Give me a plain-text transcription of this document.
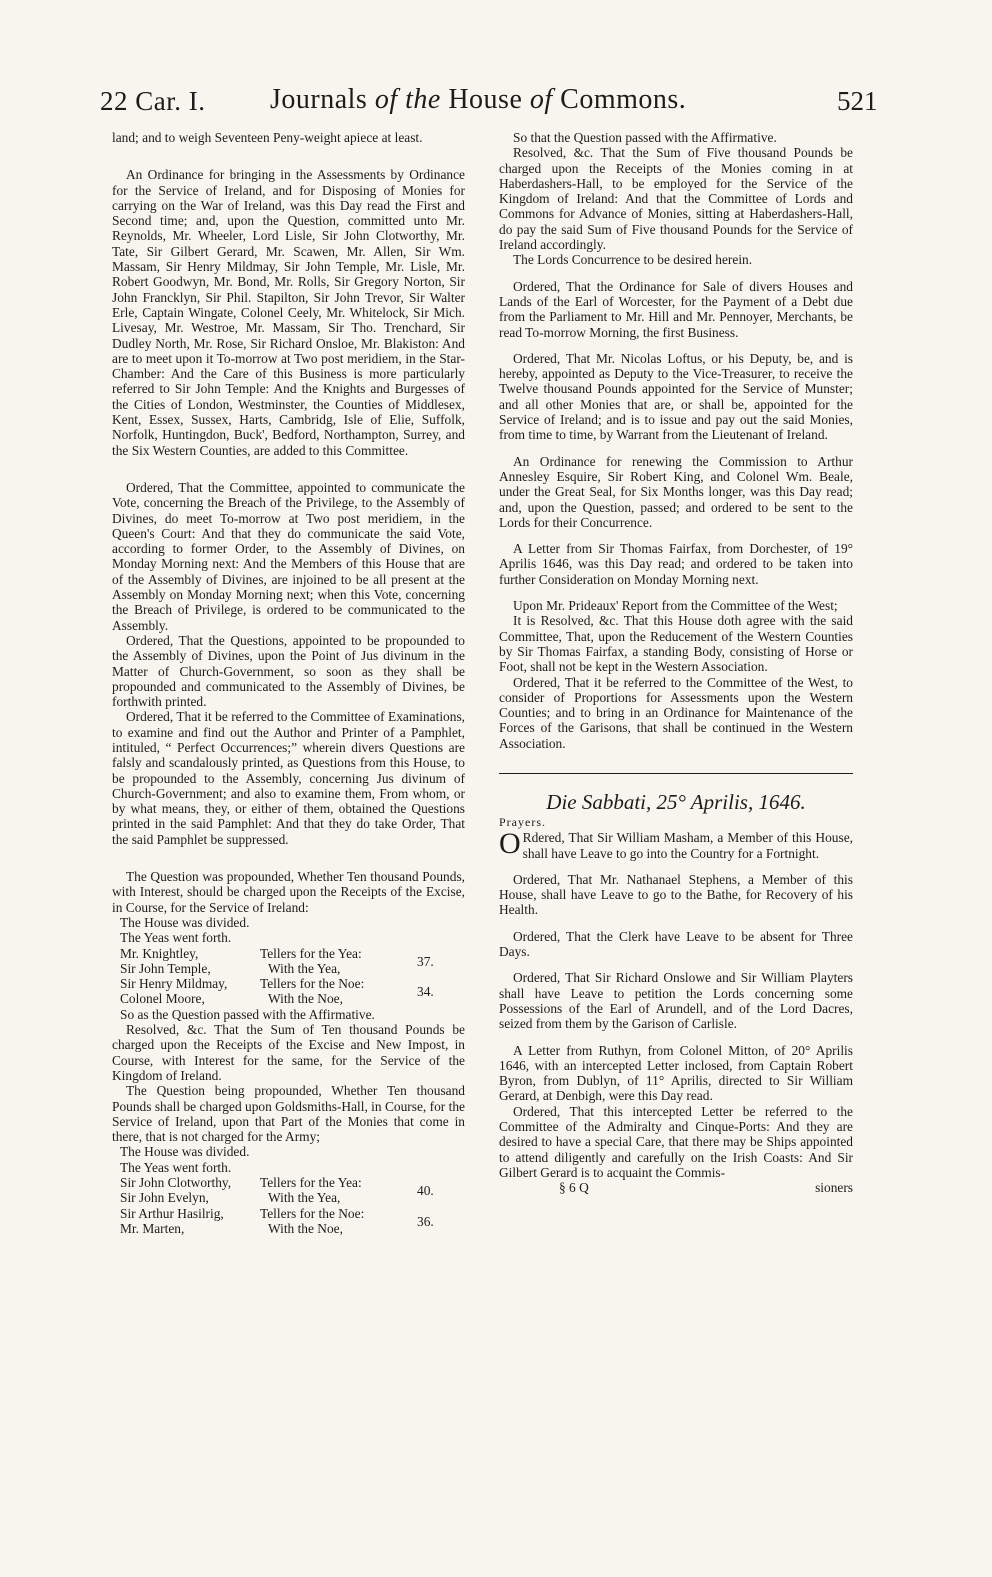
22 Car. I. Journals of the House of Commons.	521

land; and to weigh Seventeen Peny-weight apiece at least.

An Ordinance for bringing in the Assessments by Ordinance for the Service of Ireland, and for Disposing of Monies for carrying on the War of Ireland, was this Day read the First and Second time; and, upon the Question, committed unto Mr. Reynolds, Mr. Wheeler, Lord Lisle, Sir John Clotworthy, Mr. Tate, Sir Gilbert Gerard, Mr. Scawen, Mr. Allen, Sir Wm. Massam, Sir Henry Mildmay, Sir John Temple, Mr. Lisle, Mr. Robert Goodwyn, Mr. Bond, Mr. Rolls, Sir Gregory Norton, Sir John Francklyn, Sir Phil. Stapilton, Sir John Trevor, Sir Walter Erle, Captain Wingate, Colonel Ceely, Mr. Whitelock, Sir Mich. Livesay, Mr. Westroe, Mr. Massam, Sir Tho. Trenchard, Sir Dudley North, Mr. Rose, Sir Richard Onsloe, Mr. Blakiston: And are to meet upon it To-morrow at Two post meridiem, in the Star-Chamber: And the Care of this Business is more particularly referred to Sir John Temple: And the Knights and Burgesses of the Cities of London, Westminster, the Counties of Middlesex, Kent, Essex, Sussex, Harts, Cambridg, Isle of Elie, Suffolk, Norfolk, Huntingdon, Buck', Bedford, Northampton, Surrey, and the Six Western Counties, are added to this Committee.

Ordered, That the Committee, appointed to communicate the Vote, concerning the Breach of the Privilege, to the Assembly of Divines, do meet To-morrow at Two post meridiem, in the Queen's Court: And that they do communicate the said Vote, according to former Order, to the Assembly of Divines, on Monday Morning next: And the Members of this House that are of the Assembly of Divines, are injoined to be all present at the Assembly on Monday Morning next; when this Vote, concerning the Breach of Privilege, is ordered to be communicated to the Assembly.

Ordered, That the Questions, appointed to be propounded to the Assembly of Divines, upon the Point of Jus divinum in the Matter of Church-Government, so soon as they shall be propounded and communicated to the Assembly of Divines, be forthwith printed.

Ordered, That it be referred to the Committee of Examinations, to examine and find out the Author and Printer of a Pamphlet, intituled, “ Perfect Occurrences;” wherein divers Questions are falsly and scandalously printed, as Questions from this House, to be propounded to the Assembly, concerning Jus divinum of Church-Government; and also to examine them, From whom, or by what means, they, or either of them, obtained the Questions printed in the said Pamphlet: And that they do take Order, That the said Pamphlet be suppressed.

The Question was propounded, Whether Ten thousand Pounds, with Interest, should be charged upon the Receipts of the Excise, in Course, for the Service of Ireland:

The House was divided.

The Yeas went forth.

Mr. Knightley,	Tellers for the Yea:
Sir John Temple,	With the Yea,	37.
Sir Henry Mildmay, Tellers for the Noe:
Colonel Moore,	With the Noe,	34.

So as the Question passed with the Affirmative.

Resolved, &c. That the Sum of Ten thousand Pounds be charged upon the Receipts of the Excise and New Impost, in Course, with Interest for the same, for the Service of the Kingdom of Ireland.

The Question being propounded, Whether Ten thousand Pounds shall be charged upon Goldsmiths-Hall, in Course, for the Service of Ireland, upon that Part of the Monies that come in there, that is not charged for the Army;

The House was divided.

The Yeas went forth.

Sir John Clotworthy, Tellers for the Yea:
Sir John Evelyn,	With the Yea,	40.
Sir Arthur Hasilrig,	Tellers for the Noe:
Mr. Marten,	With the Noe,	36.

So that the Question passed with the Affirmative.

Resolved, &c. That the Sum of Five thousand Pounds be charged upon the Receipts of the Monies coming in at Haberdashers-Hall, to be employed for the Service of the Kingdom of Ireland: And that the Committee of Lords and Commons for Advance of Monies, sitting at Haberdashers-Hall, do pay the said Sum of Five thousand Pounds for the Service of Ireland accordingly.

The Lords Concurrence to be desired herein.

Ordered, That the Ordinance for Sale of divers Houses and Lands of the Earl of Worcester, for the Payment of a Debt due from the Parliament to Mr. Hill and Mr. Pennoyer, Merchants, be read To-morrow Morning, the first Business.

Ordered, That Mr. Nicolas Loftus, or his Deputy, be, and is hereby, appointed as Deputy to the Vice-Treasurer, to receive the Twelve thousand Pounds appointed for the Service of Munster; and all other Monies that are, or shall be, appointed for the Service of Ireland; and is to issue and pay out the said Monies, from time to time, by Warrant from the Lieutenant of Ireland.

An Ordinance for renewing the Commission to Arthur Annesley Esquire, Sir Robert King, and Colonel Wm. Beale, under the Great Seal, for Six Months longer, was this Day read; and, upon the Question, passed; and ordered to be sent to the Lords for their Concurrence.

A Letter from Sir Thomas Fairfax, from Dorchester, of 19° Aprilis 1646, was this Day read; and ordered to be taken into further Consideration on Monday Morning next.

Upon Mr. Prideaux' Report from the Committee of the West;

It is Resolved, &c. That this House doth agree with the said Committee, That, upon the Reducement of the Western Counties by Sir Thomas Fairfax, a standing Body, consisting of Horse or Foot, shall not be kept in the Western Association.

Ordered, That it be referred to the Committee of the West, to consider of Proportions for Assessments upon the Western Counties; and to bring in an Ordinance for Maintenance of the Forces of the Garisons, that shall be continued in the Western Association.

Die Sabbati, 25° Aprilis, 1646.
Prayers.

O Rdered, That Sir William Masham, a Member of this House, shall have Leave to go into the Country for a Fortnight.

Ordered, That Mr. Nathanael Stephens, a Member of this House, shall have Leave to go to the Bathe, for Recovery of his Health.

Ordered, That the Clerk have Leave to be absent for Three Days.

Ordered, That Sir Richard Onslowe and Sir William Playters shall have Leave to petition the Lords concerning some Possessions of the Earl of Arundell, and of the Lord Dacres, seized from them by the Garison of Carlisle.

A Letter from Ruthyn, from Colonel Mitton, of 20° Aprilis 1646, with an intercepted Letter inclosed, from Captain Robert Byron, from Dublyn, of 11° Aprilis, directed to Sir William Gerard, at Denbigh, were this Day read.

Ordered, That this intercepted Letter be referred to the Committee of the Admiralty and Cinque-Ports: And they are desired to have a special Care, that there may be Ships appointed to attend diligently and carefully on the Irish Coasts: And Sir Gilbert Gerard is to acquaint the Commis-

§ 6 Q	sioners
